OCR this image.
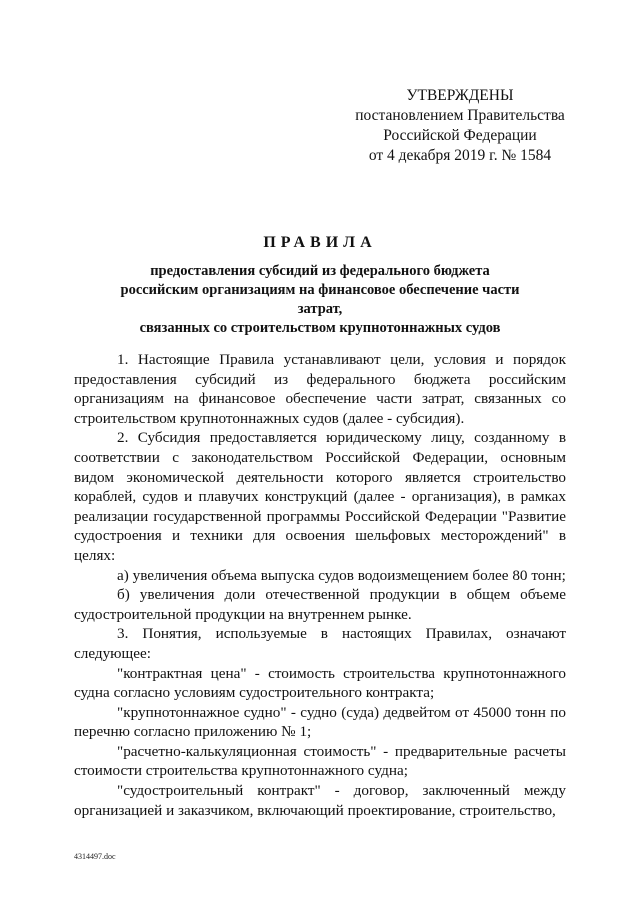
УТВЕРЖДЕНЫ
постановлением Правительства
Российской Федерации
от 4 декабря 2019 г. № 1584
ПРАВИЛА
предоставления субсидий из федерального бюджета
российским организациям на финансовое обеспечение части затрат,
связанных со строительством крупнотоннажных судов

1. Настоящие Правила устанавливают цели, условия и порядок предоставления субсидий из федерального бюджета российским организациям на финансовое обеспечение части затрат, связанных со строительством крупнотоннажных судов (далее - субсидия).

2. Субсидия предоставляется юридическому лицу, созданному в соответствии с законодательством Российской Федерации, основным видом экономической деятельности которого является строительство кораблей, судов и плавучих конструкций (далее - организация), в рамках реализации государственной программы Российской Федерации "Развитие судостроения и техники для освоения шельфовых месторождений" в целях:

а) увеличения объема выпуска судов водоизмещением более 80 тонн;

б) увеличения доли отечественной продукции в общем объеме судостроительной продукции на внутреннем рынке.

3. Понятия, используемые в настоящих Правилах, означают следующее:

"контрактная цена" - стоимость строительства крупнотоннажного судна согласно условиям судостроительного контракта;

"крупнотоннажное судно" - судно (суда) дедвейтом от 45000 тонн по перечню согласно приложению № 1;

"расчетно-калькуляционная стоимость" - предварительные расчеты стоимости строительства крупнотоннажного судна;

"судостроительный контракт" - договор, заключенный между организацией и заказчиком, включающий проектирование, строительство,

4314497.doc
